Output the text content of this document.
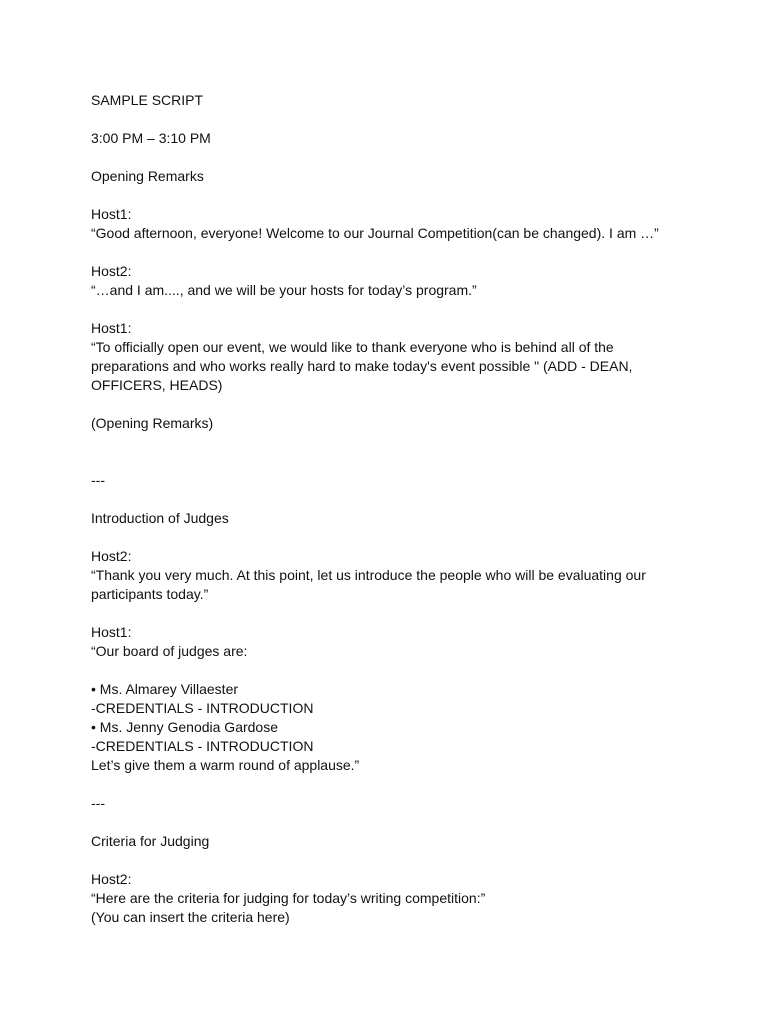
SAMPLE SCRIPT
3:00 PM – 3:10 PM
Opening Remarks
Host1:
“Good afternoon, everyone! Welcome to our Journal Competition(can be changed). I am …”
Host2:
“…and I am...., and we will be your hosts for today’s program.”
Host1:
“To officially open our event, we would like to thank everyone who is behind all of the
preparations and who works really hard to make today's event possible " (ADD - DEAN,
OFFICERS, HEADS)
(Opening Remarks)
---
Introduction of Judges
Host2:
“Thank you very much. At this point, let us introduce the people who will be evaluating our
participants today.”
Host1:
“Our board of judges are:
• Ms. Almarey Villaester
-CREDENTIALS - INTRODUCTION
• Ms. Jenny Genodia Gardose
-CREDENTIALS - INTRODUCTION
Let’s give them a warm round of applause.”
---
Criteria for Judging
Host2:
“Here are the criteria for judging for today’s writing competition:”
(You can insert the criteria here)
